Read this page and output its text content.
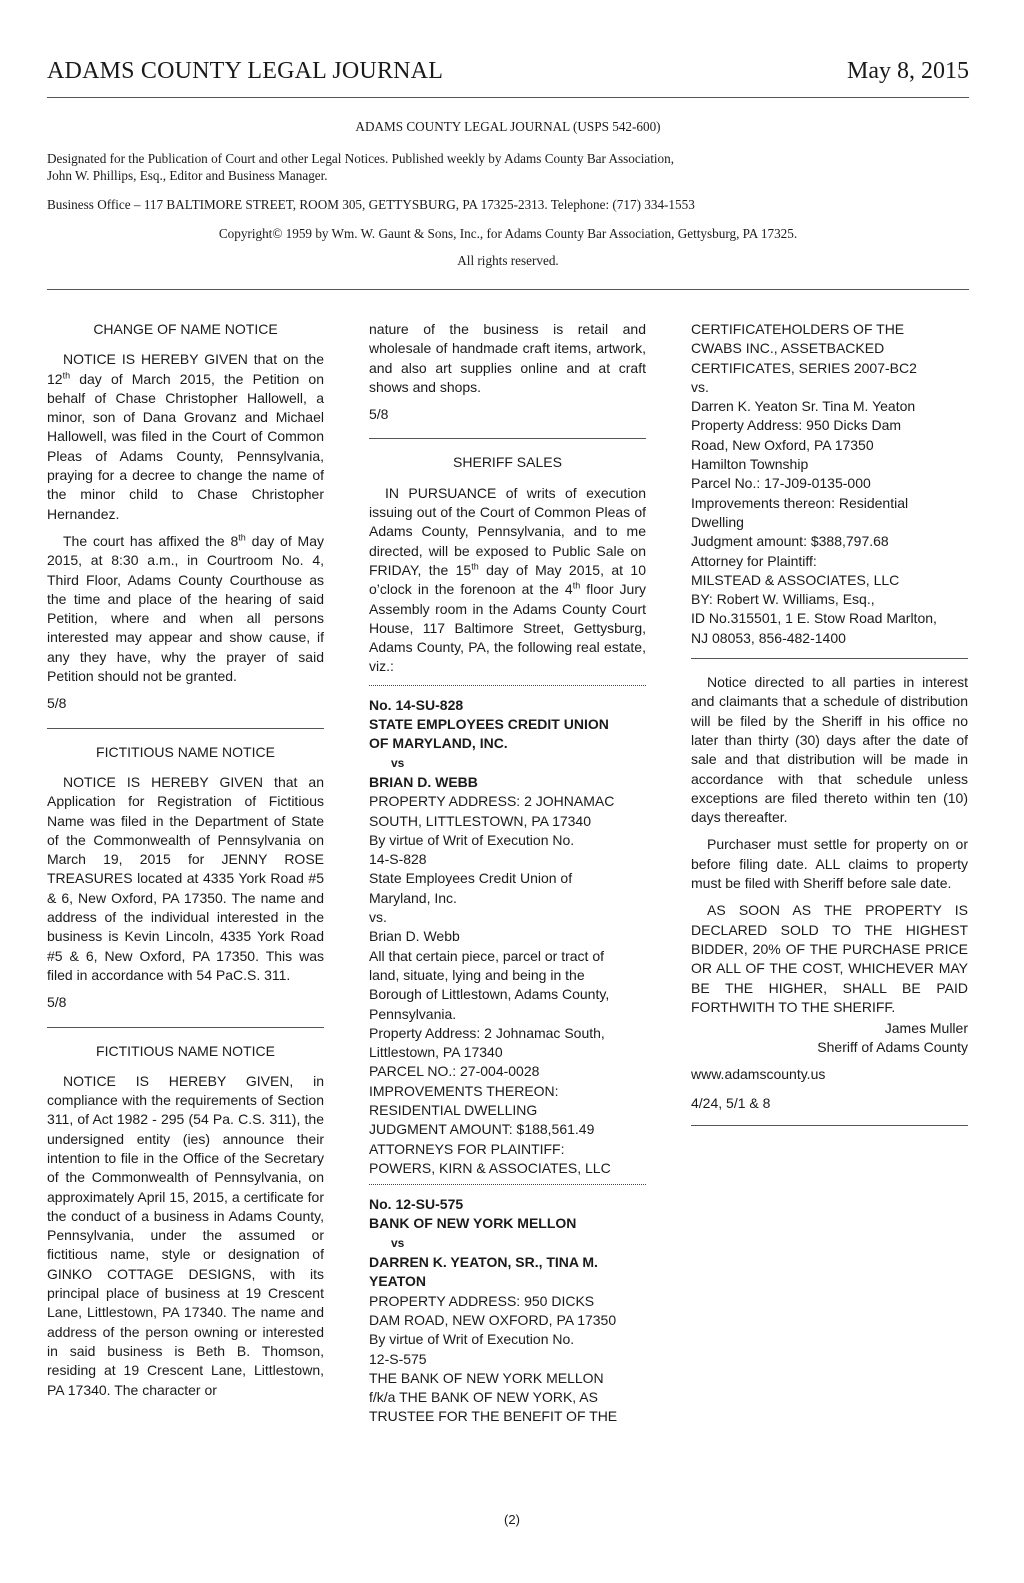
ADAMS COUNTY LEGAL JOURNAL	May 8, 2015

ADAMS COUNTY LEGAL JOURNAL (USPS 542-600)

Designated for the Publication of Court and other Legal Notices. Published weekly by Adams County Bar Association,

John W. Phillips, Esq., Editor and Business Manager.

Business Office – 117 BALTIMORE STREET, ROOM 305, GETTYSBURG, PA 17325-2313. Telephone: (717) 334-1553

Copyright© 1959 by Wm. W. Gaunt & Sons, Inc., for Adams County Bar Association, Gettysburg, PA 17325.

All rights reserved.

CHANGE OF NAME NOTICE

NOTICE IS HEREBY GIVEN that on the 12th day of March 2015, the Petition on behalf of Chase Christopher Hallowell, a minor, son of Dana Grovanz and Michael Hallowell, was filed in the Court of Common Pleas of Adams County, Pennsylvania, praying for a decree to change the name of the minor child to Chase Christopher Hernandez.

The court has affixed the 8th day of May 2015, at 8:30 a.m., in Courtroom No. 4, Third Floor, Adams County Courthouse as the time and place of the hearing of said Petition, where and when all persons interested may appear and show cause, if any they have, why the prayer of said Petition should not be granted.

5/8

FICTITIOUS NAME NOTICE

NOTICE IS HEREBY GIVEN that an Application for Registration of Fictitious Name was filed in the Department of State of the Commonwealth of Pennsylvania on March 19, 2015 for JENNY ROSE TREASURES located at 4335 York Road #5 & 6, New Oxford, PA 17350. The name and address of the individual interested in the business is Kevin Lincoln, 4335 York Road #5 & 6, New Oxford, PA 17350. This was filed in accordance with 54 PaC.S. 311.

5/8

FICTITIOUS NAME NOTICE

NOTICE IS HEREBY GIVEN, in compliance with the requirements of Section 311, of Act 1982 - 295 (54 Pa. C.S. 311), the undersigned entity (ies) announce their intention to file in the Office of the Secretary of the Commonwealth of Pennsylvania, on approximately April 15, 2015, a certificate for the conduct of a business in Adams County, Pennsylvania, under the assumed or fictitious name, style or designation of GINKO COTTAGE DESIGNS, with its principal place of business at 19 Crescent Lane, Littlestown, PA 17340. The name and address of the person owning or interested in said business is Beth B. Thomson, residing at 19 Crescent Lane, Littlestown, PA 17340. The character or

nature of the business is retail and wholesale of handmade craft items, artwork, and also art supplies online and at craft shows and shops.

5/8

SHERIFF SALES

IN PURSUANCE of writs of execution issuing out of the Court of Common Pleas of Adams County, Pennsylvania, and to me directed, will be exposed to Public Sale on FRIDAY, the 15th day of May 2015, at 10 o’clock in the forenoon at the 4th floor Jury Assembly room in the Adams County Court House, 117 Baltimore Street, Gettysburg, Adams County, PA, the following real estate, viz.:

No. 14-SU-828
STATE EMPLOYEES CREDIT UNION
OF MARYLAND, INC.
vs
BRIAN D. WEBB
PROPERTY ADDRESS: 2 JOHNAMAC
SOUTH, LITTLESTOWN, PA 17340
By virtue of Writ of Execution No.
14-S-828
State Employees Credit Union of
Maryland, Inc.
vs.
Brian D. Webb
All that certain piece, parcel or tract of
land, situate, lying and being in the
Borough of Littlestown, Adams County,
Pennsylvania.
Property Address: 2 Johnamac South,
Littlestown, PA 17340
PARCEL NO.: 27-004-0028
IMPROVEMENTS THEREON:
RESIDENTIAL DWELLING
JUDGMENT AMOUNT: $188,561.49
ATTORNEYS FOR PLAINTIFF:
POWERS, KIRN & ASSOCIATES, LLC
No. 12-SU-575
BANK OF NEW YORK MELLON
vs
DARREN K. YEATON, SR., TINA M.
YEATON
PROPERTY ADDRESS: 950 DICKS
DAM ROAD, NEW OXFORD, PA 17350
By virtue of Writ of Execution No.
12-S-575
THE BANK OF NEW YORK MELLON
f/k/a THE BANK OF NEW YORK, AS
TRUSTEE FOR THE BENEFIT OF THE
CERTIFICATEHOLDERS OF THE
CWABS INC., ASSETBACKED
CERTIFICATES, SERIES 2007-BC2
vs.
Darren K. Yeaton Sr. Tina M. Yeaton
Property Address: 950 Dicks Dam
Road, New Oxford, PA 17350
Hamilton Township
Parcel No.: 17-J09-0135-000
Improvements thereon: Residential
Dwelling
Judgment amount: $388,797.68
Attorney for Plaintiff:
MILSTEAD & ASSOCIATES, LLC
BY: Robert W. Williams, Esq.,
ID No.315501, 1 E. Stow Road Marlton,
NJ 08053, 856-482-1400

Notice directed to all parties in interest and claimants that a schedule of distribution will be filed by the Sheriff in his office no later than thirty (30) days after the date of sale and that distribution will be made in accordance with that schedule unless exceptions are filed thereto within ten (10) days thereafter.

Purchaser must settle for property on or before filing date. ALL claims to property must be filed with Sheriff before sale date.

AS SOON AS THE PROPERTY IS DECLARED SOLD TO THE HIGHEST BIDDER, 20% OF THE PURCHASE PRICE OR ALL OF THE COST, WHICHEVER MAY BE THE HIGHER, SHALL BE PAID FORTHWITH TO THE SHERIFF.

James Muller
Sheriff of Adams County
www.adamscounty.us
4/24, 5/1 & 8
(2)
